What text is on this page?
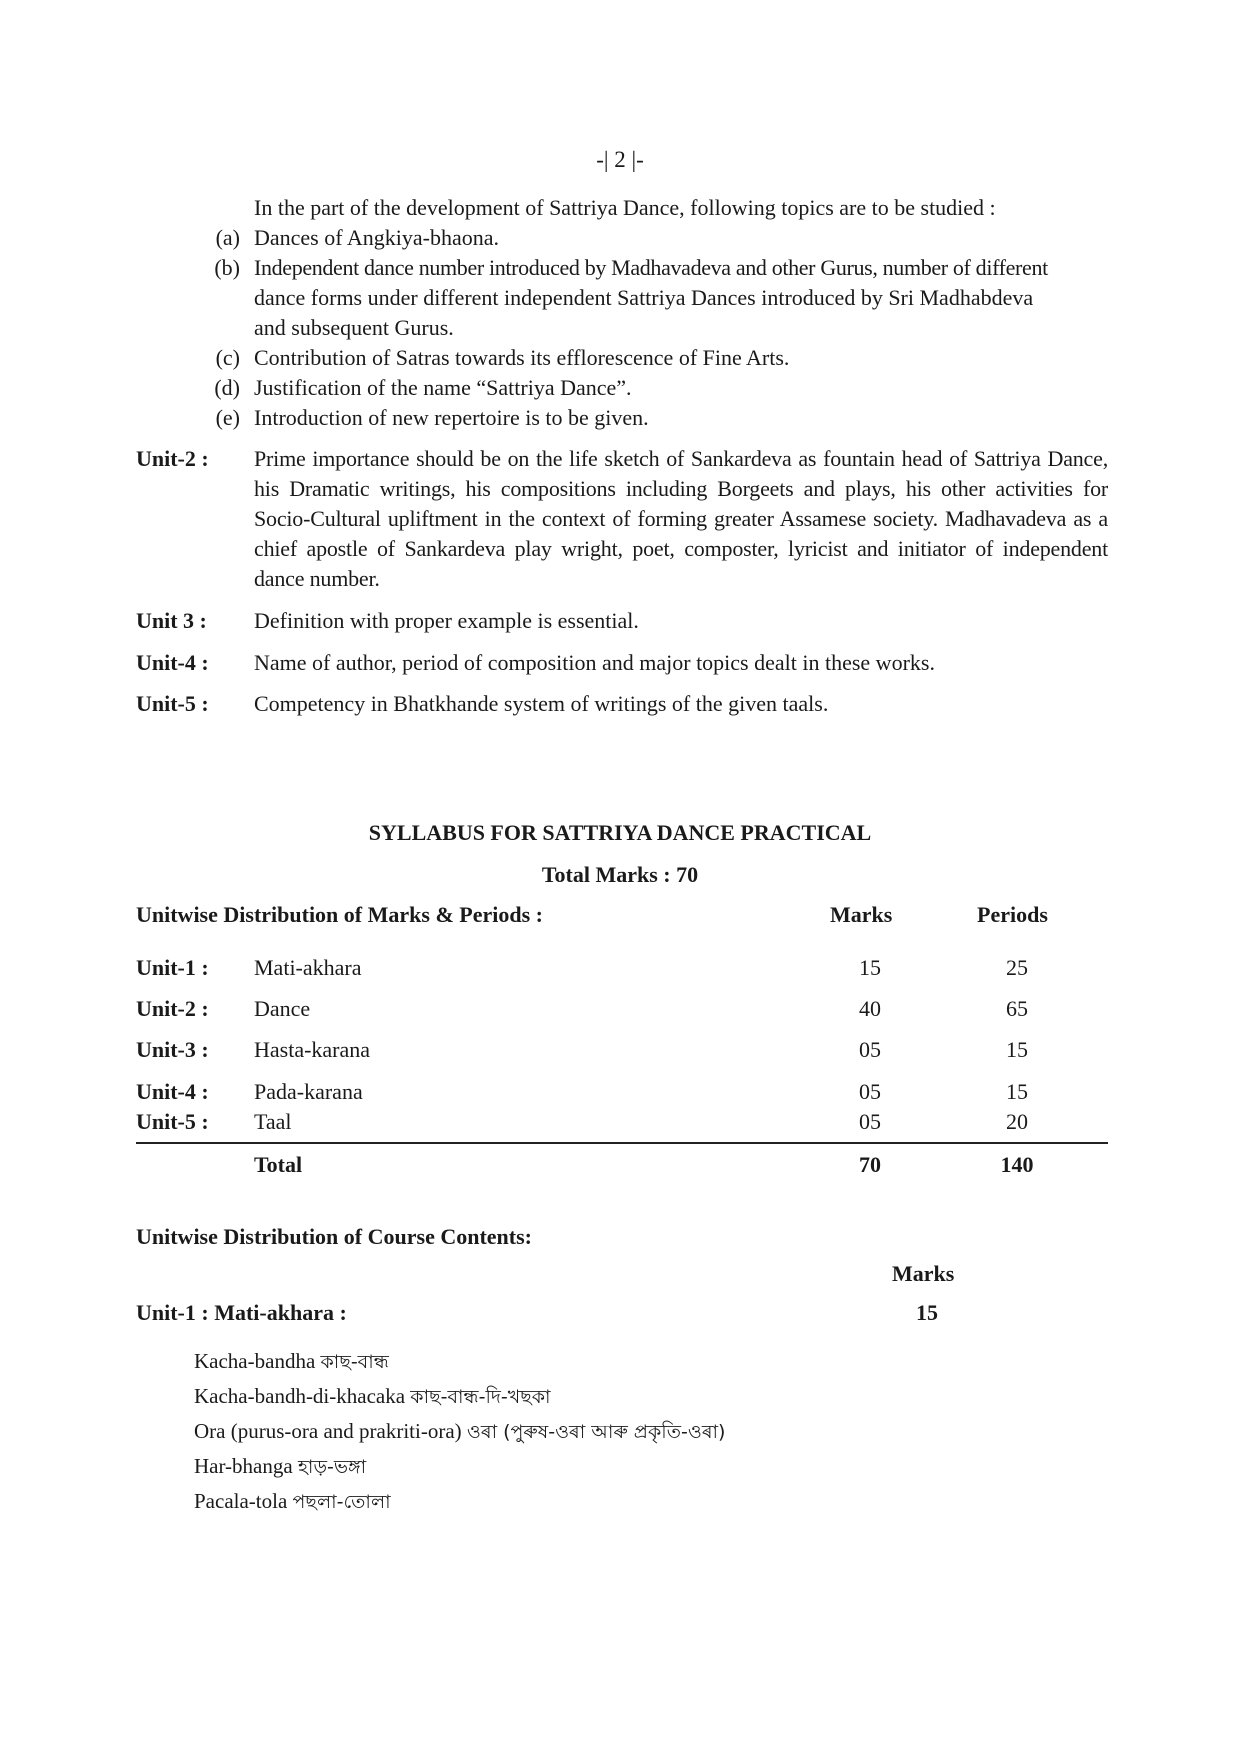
-| 2 |-
In the part of the development of Sattriya Dance, following topics are to be studied :
(a) Dances of Angkiya-bhaona.
(b) Independent dance number introduced by Madhavadeva and other Gurus, number of different
dance forms under different independent Sattriya Dances introduced by Sri Madhabdeva
and subsequent Gurus.
(c) Contribution of Satras towards its efflorescence of Fine Arts.
(d) Justification of the name “Sattriya Dance”.
(e) Introduction of new repertoire is to be given.
Unit-2 : Prime importance should be on the life sketch of Sankardeva as fountain head of Sattriya Dance, his Dramatic writings, his compositions including Borgeets and plays, his other activities for Socio-Cultural upliftment in the context of forming greater Assamese society. Madhavadeva as a chief apostle of Sankardeva play wright, poet, composter, lyricist and initiator of independent dance number.
Unit 3 : Definition with proper example is essential.
Unit-4 : Name of author, period of composition and major topics dealt in these works.
Unit-5 : Competency in Bhatkhande system of writings of the given taals.
SYLLABUS FOR SATTRIYA DANCE PRACTICAL
Total Marks : 70
Unitwise Distribution of Marks & Periods :	Marks	Periods
Unit-1 : Mati-akhara	15	25
Unit-2 : Dance	40	65
Unit-3 : Hasta-karana	05	15
Unit-4 : Pada-karana	05	15
Unit-5 : Taal	05	20
Total	70	140
Unitwise Distribution of Course Contents:
Marks
Unit-1 : Mati-akhara :	15
Kacha-bandha কাছ-বান্ধ
Kacha-bandh-di-khacaka কাছ-বান্ধ-দি-খছকা
Ora (purus-ora and prakriti-ora) ওৰা (পুৰুষ-ওৰা আৰু প্ৰকৃতি-ওৰা)
Har-bhanga হাড়-ভঙ্গা
Pacala-tola পছলা-তোলা
